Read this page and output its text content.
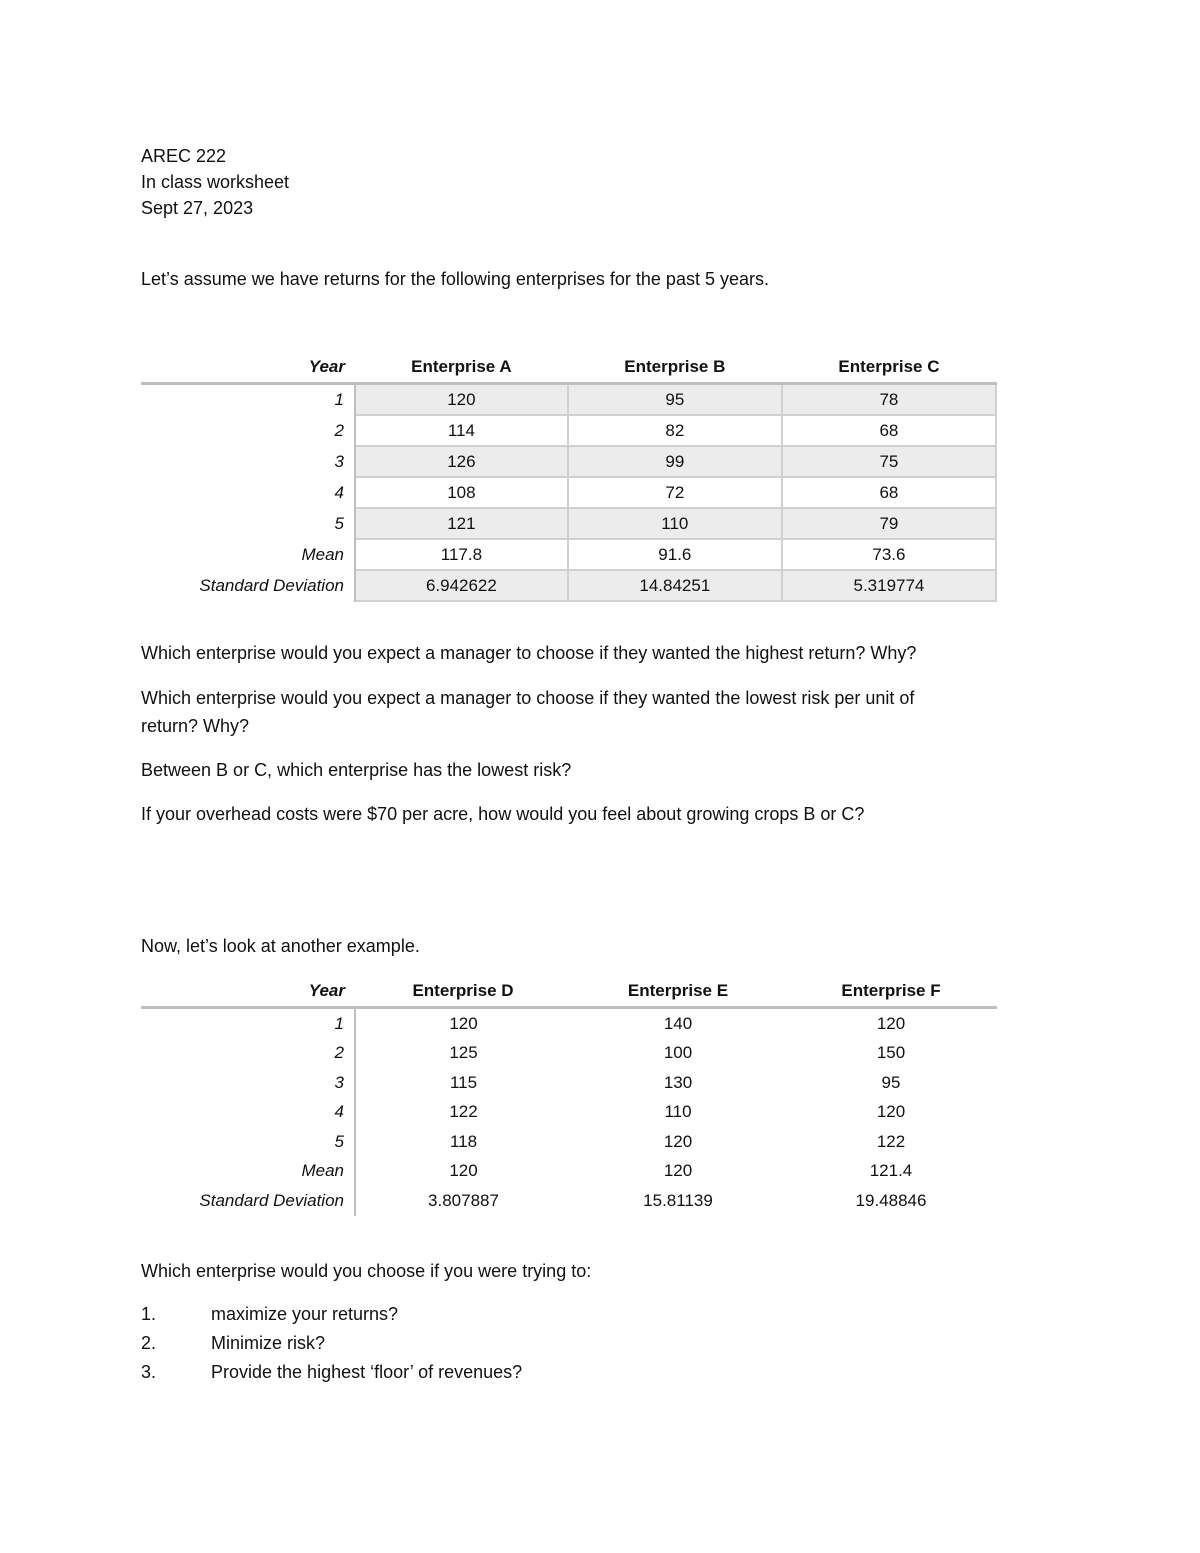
AREC 222
In class worksheet
Sept 27, 2023
Let’s assume we have returns for the following enterprises for the past 5 years.
Year	Enterprise A	Enterprise B	Enterprise C
1	120	95	78
2	114	82	68
3	126	99	75
4	108	72	68
5	121	110	79
Mean	117.8	91.6	73.6
Standard Deviation	6.942622	14.84251	5.319774
Which enterprise would you expect a manager to choose if they wanted the highest return? Why?
Which enterprise would you expect a manager to choose if they wanted the lowest risk per unit of
return? Why?
Between B or C, which enterprise has the lowest risk?
If your overhead costs were $70 per acre, how would you feel about growing crops B or C?
Now, let’s look at another example.
Year	Enterprise D	Enterprise E	Enterprise F
1	120	140	120
2	125	100	150
3	115	130	95
4	122	110	120
5	118	120	122
Mean	120	120	121.4
Standard Deviation	3.807887	15.81139	19.48846
Which enterprise would you choose if you were trying to:
1.	maximize your returns?
2.	Minimize risk?
3.	Provide the highest ‘floor’ of revenues?
